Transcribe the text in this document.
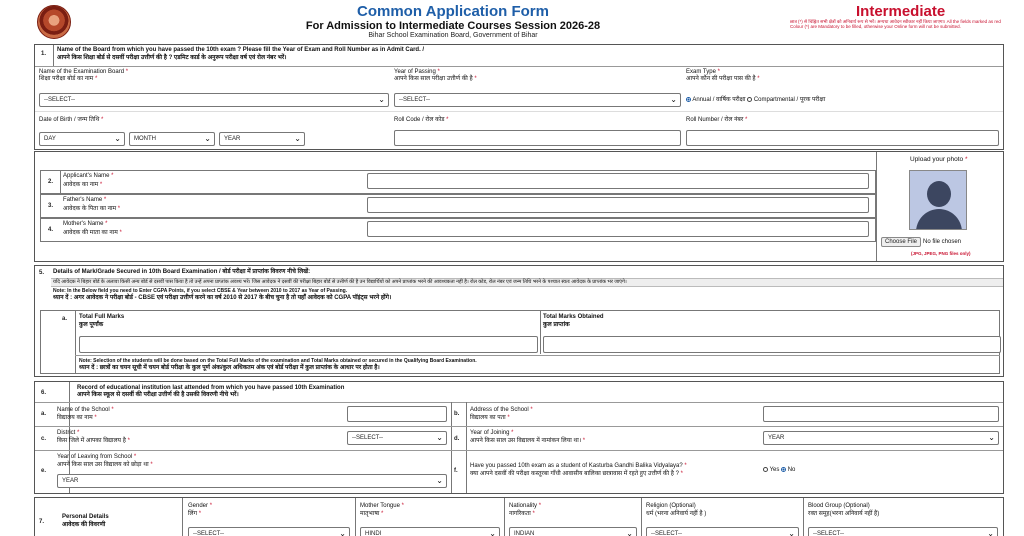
Common Application Form
For Admission to Intermediate Courses Session 2026-28
Bihar School Examination Board, Government of Bihar
Intermediate
छात्र (*) से चिह्नित सभी क्षेत्रों को अनिवार्य रूप से भरें। अन्यथा आवेदन स्वीकार नहीं किया जाएगा। All the fields marked as red Colour (*) are Mandatory to be filled, otherwise your Online form will not be submitted.
1.
Name of the Board from which you have passed the 10th exam ? Please fill the Year of Exam and Roll Number as in Admit Card. /
आपने किस शिक्षा बोर्ड से दसवीं परीक्षा उत्तीर्ण की है ? एडमिट कार्ड के अनुरूप परीक्षा वर्ष एवं रोल नंबर भरें।
Name of the Examination Board *
शिक्षा परीक्षा बोर्ड का नाम *
--SELECT--	⌄
Year of Passing *
आपने किस साल परीक्षा उत्तीर्ण की है *
--SELECT--	⌄
Exam Type *
आपने कौन सी परीक्षा पास की है *
Annual / वार्षिक परीक्षा Compartmental / पूरक परीक्षा
Date of Birth / जन्म तिथि *
DAY	⌄ MONTH	⌄ YEAR	⌄
Roll Code / रोल कोड *	Roll Number / रोल नंबर *
2.
Applicant's Name *
आवेदक का नाम *
3.
Father's Name *
आवेदक के पिता का नाम *
4.
Mother's Name *
आवेदक की माता का नाम *
Upload your photo *
No file chosen
(JPG, JPEG, PNG files only)
Choose File
5. Details of Mark/Grade Secured in 10th Board Examination / बोर्ड परीक्षा में प्राप्तांक विवरण नीचे लिखें:
यदि आवेदक ने बिहार बोर्ड के अलावा किसी अन्य बोर्ड से दसवीं पास किया है तो उन्हें अपना प्राप्तांक अवश्य भरें। जिस आवेदक ने दसवीं की परीक्षा बिहार बोर्ड से उत्तीर्ण की है उन विद्यार्थियों को अपने प्राप्तांक भरने की आवश्यकता नहीं है। रोल कोड, रोल नंबर एवं जन्म तिथि भरने के पश्चात स्वतः आवेदक के प्राप्तांक भर जाएंगे।
Note: In the Below field you need to Enter CGPA Points, if you select CBSE & Year between 2010 to 2017 as Year of Passing.
ध्यान दें : अगर आवेदक ने परीक्षा बोर्ड - CBSE एवं परीक्षा उत्तीर्ण करने का वर्ष 2010 से 2017 के बीच चुना है तो यहाँ आवेदक को CGPA पॉइंट्स भरने होंगे।
a. Total Full Marks
कुल पूर्णांक
Total Marks Obtained
कुल प्राप्तांक
Note: Selection of the students will be done based on the Total Full Marks of the examination and Total Marks obtained or secured in the Qualifying Board Examination.
ध्यान दें : छात्रों का चयन सूची में चयन बोर्ड परीक्षा के कुल पूर्ण अंक/कुल अधिकतम अंक एवं बोर्ड परीक्षा में कुल प्राप्तांक के आधार पर होता है।
6.
Record of educational institution last attended from which you have passed 10th Examination
आपने किस स्कूल से दसवीं की परीक्षा उत्तीर्ण की है उसकी विवरणी नीचे भरें।
a.
Name of the School *
विद्यालय का नाम *
b.
Address of the School *
विद्यालय का पता *
c.
District *
किस जिले में आपका विद्यालय है *	--SELECT--	⌄ d.
Year of Joining *
आपने किस साल उस विद्यालय में नामांकन लिया था। *	YEAR	⌄
e.
Year of Leaving from School *
आपने किस साल उस विद्यालय को छोड़ा था *
YEAR	⌄
f.
Have you passed 10th exam as a student of Kasturba Gandhi Balika Vidyalaya? *
क्या आपने दसवीं की परीक्षा कस्तूरबा गाँधी आवासीय बालिका छात्रावास में रहते हुए उत्तीर्ण की है ? *
Yes No
7.
Personal Details
आवेदक की विवरणी
Gender *
लिंग *
--SELECT--	⌄
Mother Tongue *
मातृभाषा *
HINDI	⌄
Nationality *
नागरिकता *
INDIAN	⌄
Religion (Optional)
धर्म (भरना अनिवार्य नहीं है )
--SELECT--	⌄
Blood Group (Optional)
रक्त समूह(भरना अनिवार्य नहीं है)
--SELECT--	⌄
